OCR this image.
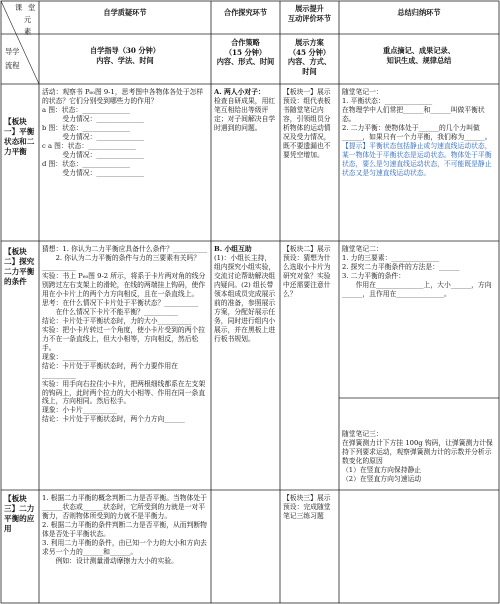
课 堂
元
素
导学
流程
自学质疑环节	合作探究环节	展示提升
互动评价环节
总结归纳环节
自学指导（30 分钟）
内容、学法、时间
合作策略
（15 分钟）
内容、形式、时间
展示方案
（45 分钟）
内容、方式、
时间
重点摘记、成果记录、
知识生成、规律总结
【板块一】平衡状态和二力平衡
活动：观察书 P₆₀图 9-1，思考图中各物体各处于怎样的状态？它们分别受到哪些力的作用？
a 图：状态：______________
　　　受力情况：______________
b 图：状态：______________
　　　受力情况：______________
c a 图：状态：______________
　　　受力情况：______________
d 图：状态：______________
　　　受力情况：______________
A. 两人小对子：
检查自研成果，用红笔互相给出等级评定；对子间解决自学时遇到的问题。
【板块一】展示预设：组代表板书随堂笔记内容，引领组员分析物体的运动情况及受力情况，既不要遗漏也不要凭空增加。
随堂笔记一：
1. 平衡状态：______________
在物理学中人们常把______和______叫做平衡状态。
2. 二力平衡：使物体处于______的几个力叫做______，如果只有一个力平衡，我们称为______。
【提示】平衡状态包括静止或匀速直线运动状态，某一物体处于平衡状态是运动状态。物体处于平衡状态，要么是匀速直线运动状态，不可能既是静止状态又是匀速直线运动状态。
【板块二】探究二力平衡的条件
猜想：1. 你认为二力平衡应具备什么条件？__________
　　2. 你认为二力平衡的条件与力的三要素有关吗？__________
实验：书上 P₆₀图 9-2 所示，将系于卡片两对角的线分别跨过左右支架上的滑轮，在线的两端挂上钩码，使作用在小卡片上的两个力方向相反，且在一条直线上。
思考：在什么情况下卡片处于平衡状态？__________
　　在什么情况下卡片不能平衡？__________
结论：卡片处于平衡状态时，力的大小__________
实验：把小卡片转过一个角度，使小卡片受到的两个拉力不在一条直线上，但大小相等，方向相反，然后松手。
现象：__________
结论：卡片处于平衡状态时，两个力要作用在__________
实验：用手向右拉住小卡片，把两根细线都系在左支架的钩码上，此时两个拉力的大小相等、作用在同一条直线上，方向相同。然后松手。
现象：小卡片__________
结论：卡片处于平衡状态时，两个力方向______
B. 小组互助
(1)：小组长主持，组内探究小组实验，交流讨论帮助解决组内疑问。(2) 组长带领本组成员完成展示前的准备，参照展示方案，分配好展示任务，同时进行组内小展示，并在黑板上进行板书规划。
【板块二】展示预设：猜想为什么选取小卡片为研究对象？实验中还需要注意什么？
随堂笔记二：
1. 力的三要素：______________
2. 探究二力平衡条件的方法是：______
3. 二力平衡的条件：
　　作用在______________上，大小______，方向______，且作用在______________。
随堂笔记三：
在弹簧测力计下方挂 100g 钩码，让弹簧测力计保持下列要求运动，观察弹簧测力计的示数并分析示数变化的原因
（1）在竖直方向保持静止
（2）在竖直方向匀速运动
【板块三】二力平衡的应用
1. 根据二力平衡的概念判断二力是否平衡。当物体处于______状态或______状态时，它所受到的力就是一对平衡力，否则物体所受到的力就不是平衡力。
2. 根据二力平衡的条件判断二力是否平衡，从而判断物体是否处于平衡状态。
3. 利用二力平衡的条件，由已知一个力的大小和方向去求另一个力的______和______。
　　例如：设计测量滑动摩擦力大小的实验。
【板块三】展示预设：完成随堂笔记三练习题
